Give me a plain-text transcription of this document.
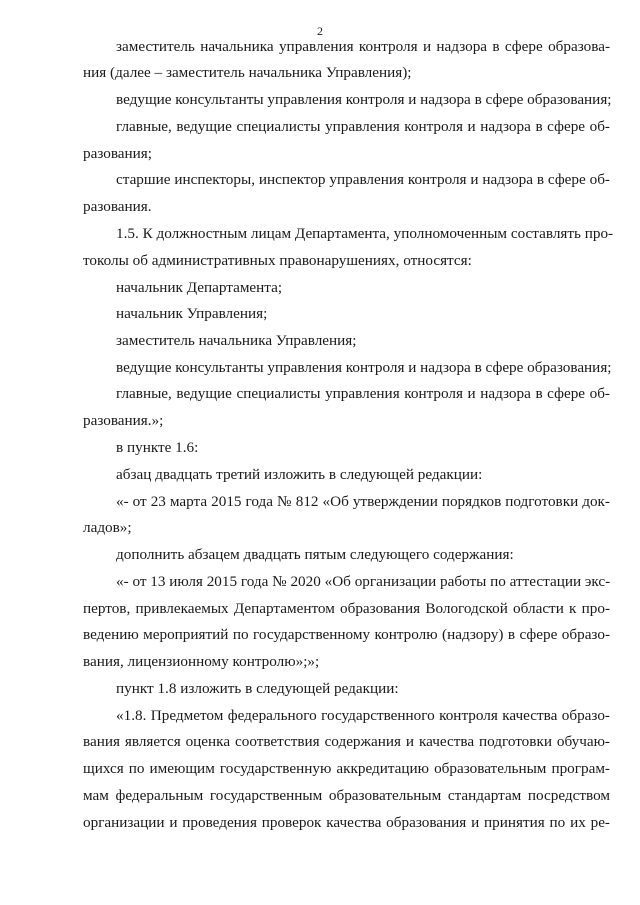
2

заместитель начальника управления контроля и надзора в сфере образова-

ния (далее – заместитель начальника Управления);

ведущие консультанты управления контроля и надзора в сфере образования;

главные, ведущие специалисты управления контроля и надзора в сфере об-

разования;

старшие инспекторы, инспектор управления контроля и надзора в сфере об-

разования.

1.5. К должностным лицам Департамента, уполномоченным составлять про-

токолы об административных правонарушениях, относятся:

начальник Департамента;

начальник Управления;

заместитель начальника Управления;

ведущие консультанты управления контроля и надзора в сфере образования;

главные, ведущие специалисты управления контроля и надзора в сфере об-

разования.»;

в пункте 1.6:

абзац двадцать третий изложить в следующей редакции:

«- от 23 марта 2015 года № 812 «Об утверждении порядков подготовки док-

ладов»;

дополнить абзацем двадцать пятым следующего содержания:

«- от 13 июля 2015 года № 2020 «Об организации работы по аттестации экс-

пертов, привлекаемых Департаментом образования Вологодской области к про-

ведению мероприятий по государственному контролю (надзору) в сфере образо-

вания, лицензионному контролю»;»;

пункт 1.8 изложить в следующей редакции:

«1.8. Предметом федерального государственного контроля качества образо-

вания является оценка соответствия содержания и качества подготовки обучаю-

щихся по имеющим государственную аккредитацию образовательным програм-

мам федеральным государственным образовательным стандартам посредством

организации и проведения проверок качества образования и принятия по их ре-
